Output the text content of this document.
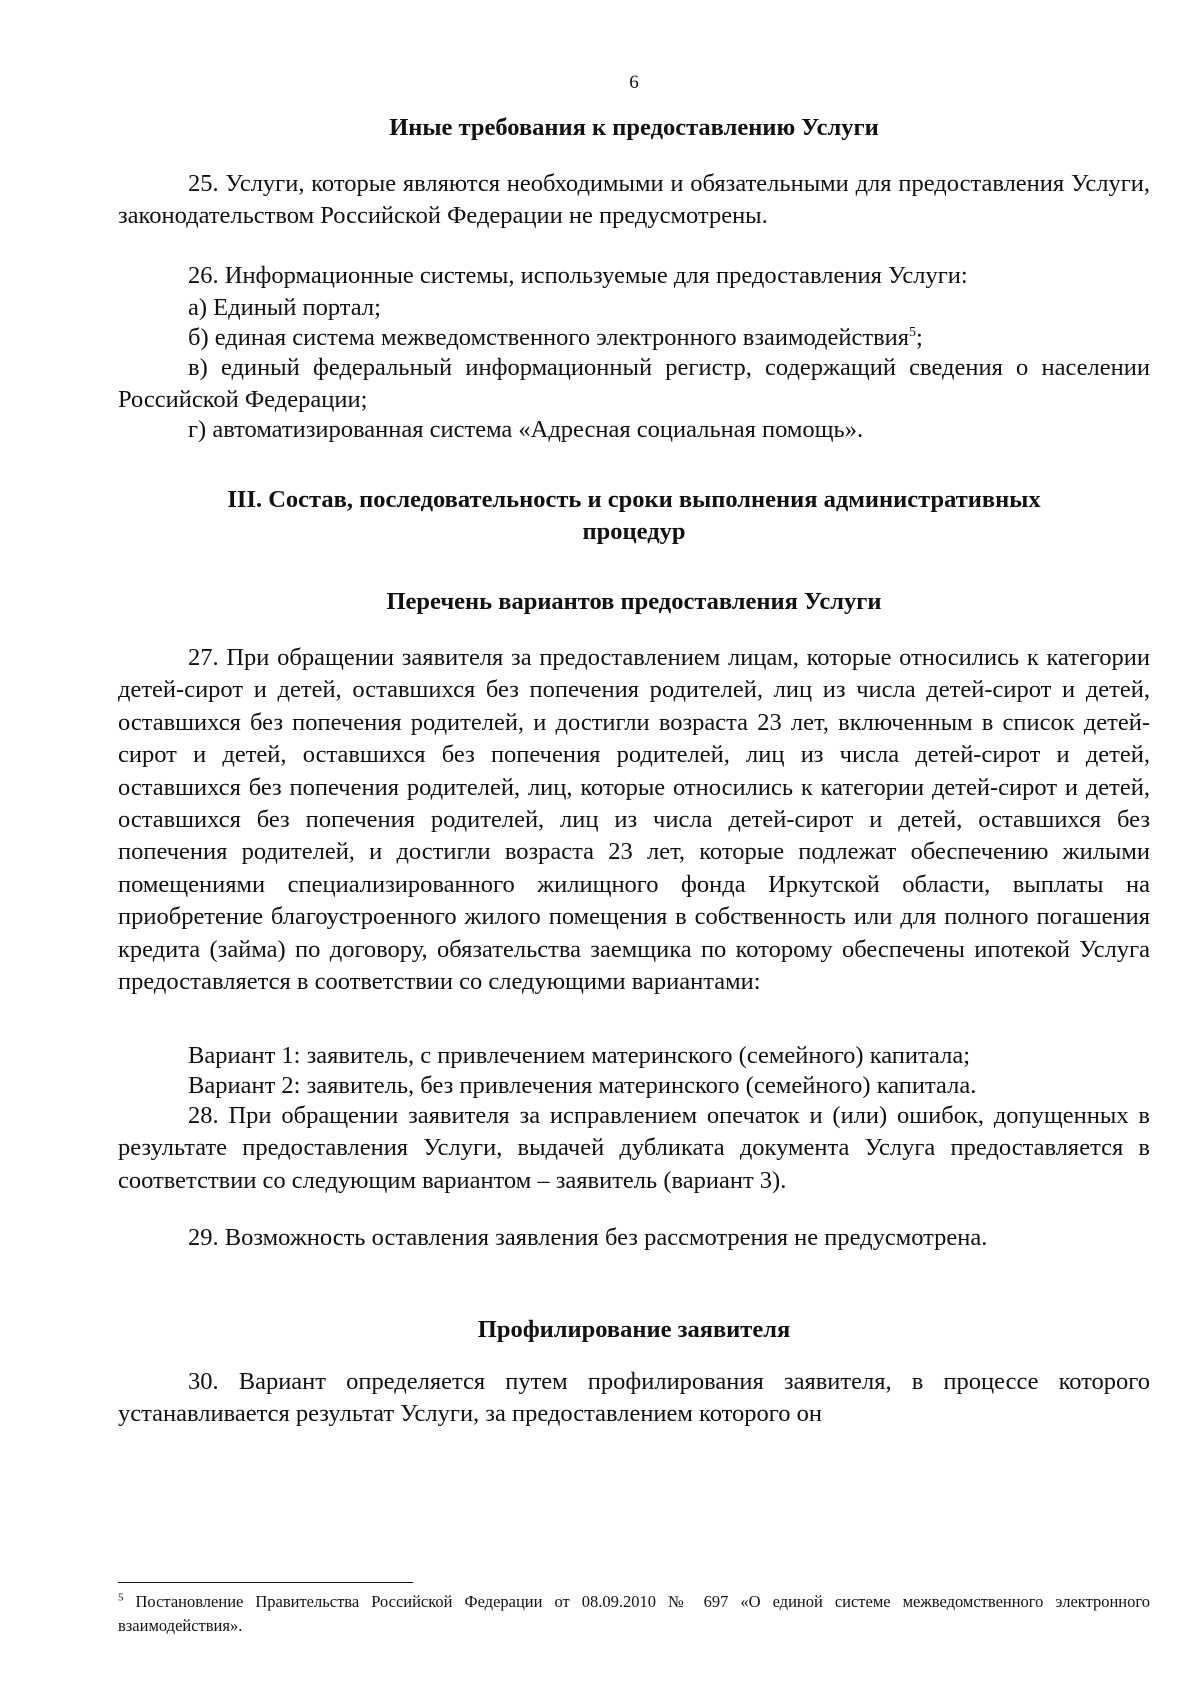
6
Иные требования к предоставлению Услуги

25. Услуги, которые являются необходимыми и обязательными для предоставления Услуги, законодательством Российской Федерации не предусмотрены.

26. Информационные системы, используемые для предоставления Услуги:

а) Единый портал;

б) единая система межведомственного электронного взаимодействия$^5$;

в) единый федеральный информационный регистр, содержащий сведения о населении Российской Федерации;

г) автоматизированная система «Адресная социальная помощь».

III. Состав, последовательность и сроки выполнения административных процедур
Перечень вариантов предоставления Услуги

27. При обращении заявителя за предоставлением лицам, которые относились к категории детей-сирот и детей, оставшихся без попечения родителей, лиц из числа детей-сирот и детей, оставшихся без попечения родителей, и достигли возраста 23 лет, включенным в список детей-сирот и детей, оставшихся без попечения родителей, лиц из числа детей-сирот и детей, оставшихся без попечения родителей, лиц, которые относились к категории детей-сирот и детей, оставшихся без попечения родителей, лиц из числа детей-сирот и детей, оставшихся без попечения родителей, и достигли возраста 23 лет, которые подлежат обеспечению жилыми помещениями специализированного жилищного фонда Иркутской области, выплаты на приобретение благоустроенного жилого помещения в собственность или для полного погашения кредита (займа) по договору, обязательства заемщика по которому обеспечены ипотекой Услуга предоставляется в соответствии со следующими вариантами:

Вариант 1: заявитель, с привлечением материнского (семейного) капитала;

Вариант 2: заявитель, без привлечения материнского (семейного) капитала.

28. При обращении заявителя за исправлением опечаток и (или) ошибок, допущенных в результате предоставления Услуги, выдачей дубликата документа Услуга предоставляется в соответствии со следующим вариантом – заявитель (вариант 3).

29. Возможность оставления заявления без рассмотрения не предусмотрена.

Профилирование заявителя

30. Вариант определяется путем профилирования заявителя, в процессе которого устанавливается результат Услуги, за предоставлением которого он

$^5$ Постановление Правительства Российской Федерации от 08.09.2010 № 697 «О единой системе межведомственного электронного взаимодействия».
